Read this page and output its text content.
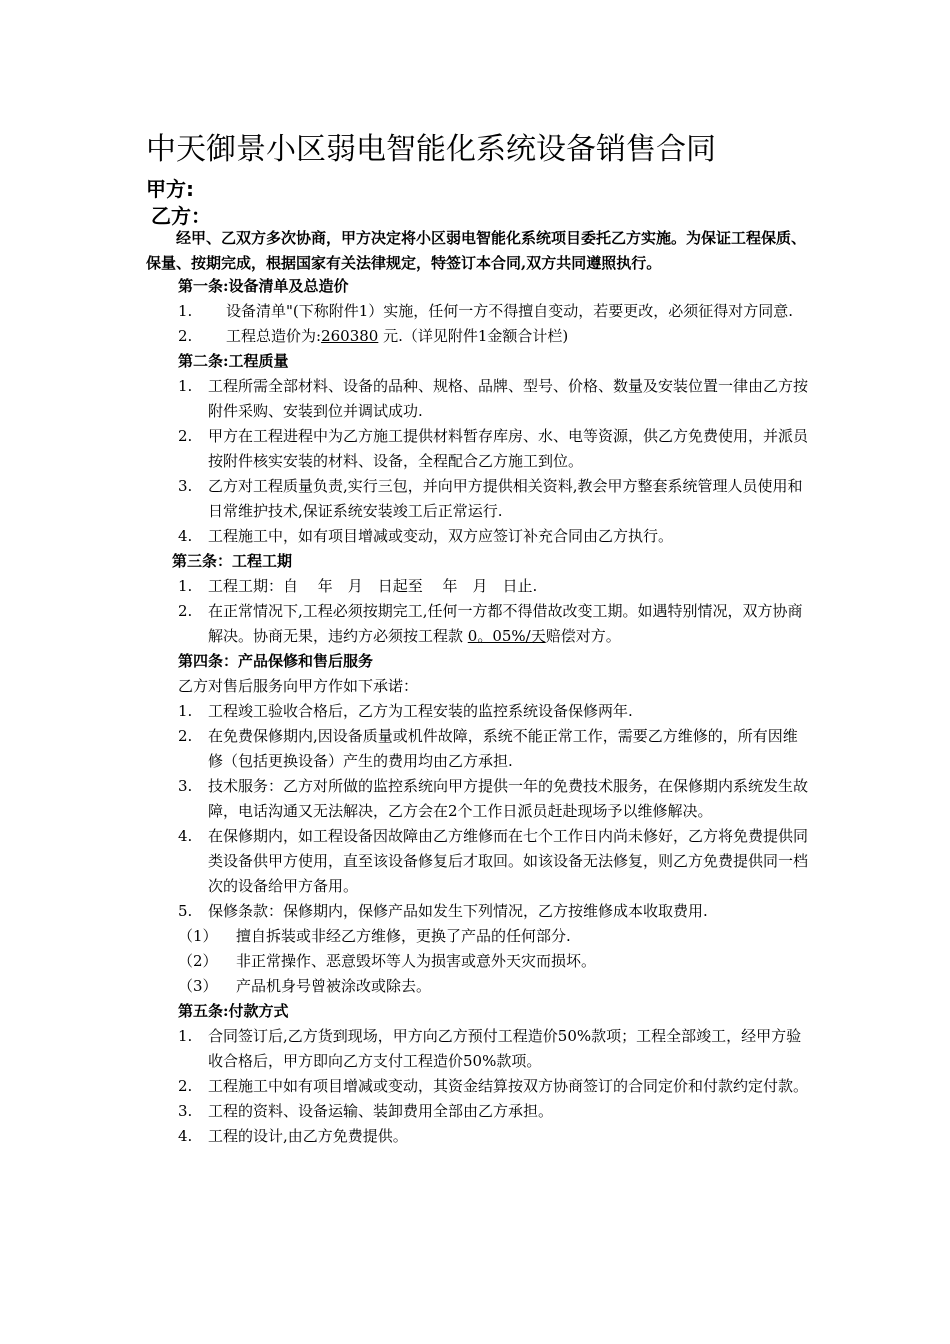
中天御景小区弱电智能化系统设备销售合同
甲方:
乙方：
经甲、乙双方多次协商，甲方决定将小区弱电智能化系统项目委托乙方实施。为保证工程保质、保量、按期完成，根据国家有关法律规定，特签订本合同,双方共同遵照执行。
第一条:设备清单及总造价
1.	设备清单"(下称附件1）实施，任何一方不得擅自变动，若要更改，必须征得对方同意.
2.	工程总造价为:260380 元.（详见附件1金额合计栏)
第二条:工程质量
1.	工程所需全部材料、设备的品种、规格、品牌、型号、价格、数量及安装位置一律由乙方按附件采购、安装到位并调试成功.
2.	甲方在工程进程中为乙方施工提供材料暂存库房、水、电等资源，供乙方免费使用，并派员按附件核实安装的材料、设备，全程配合乙方施工到位。
3.	乙方对工程质量负责,实行三包，并向甲方提供相关资料,教会甲方整套系统管理人员使用和日常维护技术,保证系统安装竣工后正常运行.
4.	工程施工中，如有项目增减或变动，双方应签订补充合同由乙方执行。
第三条：工程工期
1.	工程工期：自　 年　月　日起至　 年　月　日止.
2.	在正常情况下,工程必须按期完工,任何一方都不得借故改变工期。如遇特别情况，双方协商解决。协商无果，违约方必须按工程款 0。05%/天赔偿对方。
第四条：产品保修和售后服务
乙方对售后服务向甲方作如下承诺：
1.	工程竣工验收合格后，乙方为工程安装的监控系统设备保修两年.
2.	在免费保修期内,因设备质量或机件故障，系统不能正常工作，需要乙方维修的，所有因维修（包括更换设备）产生的费用均由乙方承担.
3.	技术服务：乙方对所做的监控系统向甲方提供一年的免费技术服务，在保修期内系统发生故障，电话沟通又无法解决，乙方会在2个工作日派员赶赴现场予以维修解决。
4.	在保修期内，如工程设备因故障由乙方维修而在七个工作日内尚未修好，乙方将免费提供同类设备供甲方使用，直至该设备修复后才取回。如该设备无法修复，则乙方免费提供同一档次的设备给甲方备用。
5.	保修条款：保修期内，保修产品如发生下列情况，乙方按维修成本收取费用.
（1）	擅自拆装或非经乙方维修，更换了产品的任何部分.
（2）	非正常操作、恶意毁坏等人为损害或意外天灾而损坏。
（3）	产品机身号曾被涂改或除去。
第五条:付款方式
1.	合同签订后,乙方货到现场，甲方向乙方预付工程造价50%款项；工程全部竣工，经甲方验收合格后，甲方即向乙方支付工程造价50%款项。
2.	工程施工中如有项目增减或变动，其资金结算按双方协商签订的合同定价和付款约定付款。
3.	工程的资料、设备运输、装卸费用全部由乙方承担。
4.	工程的设计,由乙方免费提供。
